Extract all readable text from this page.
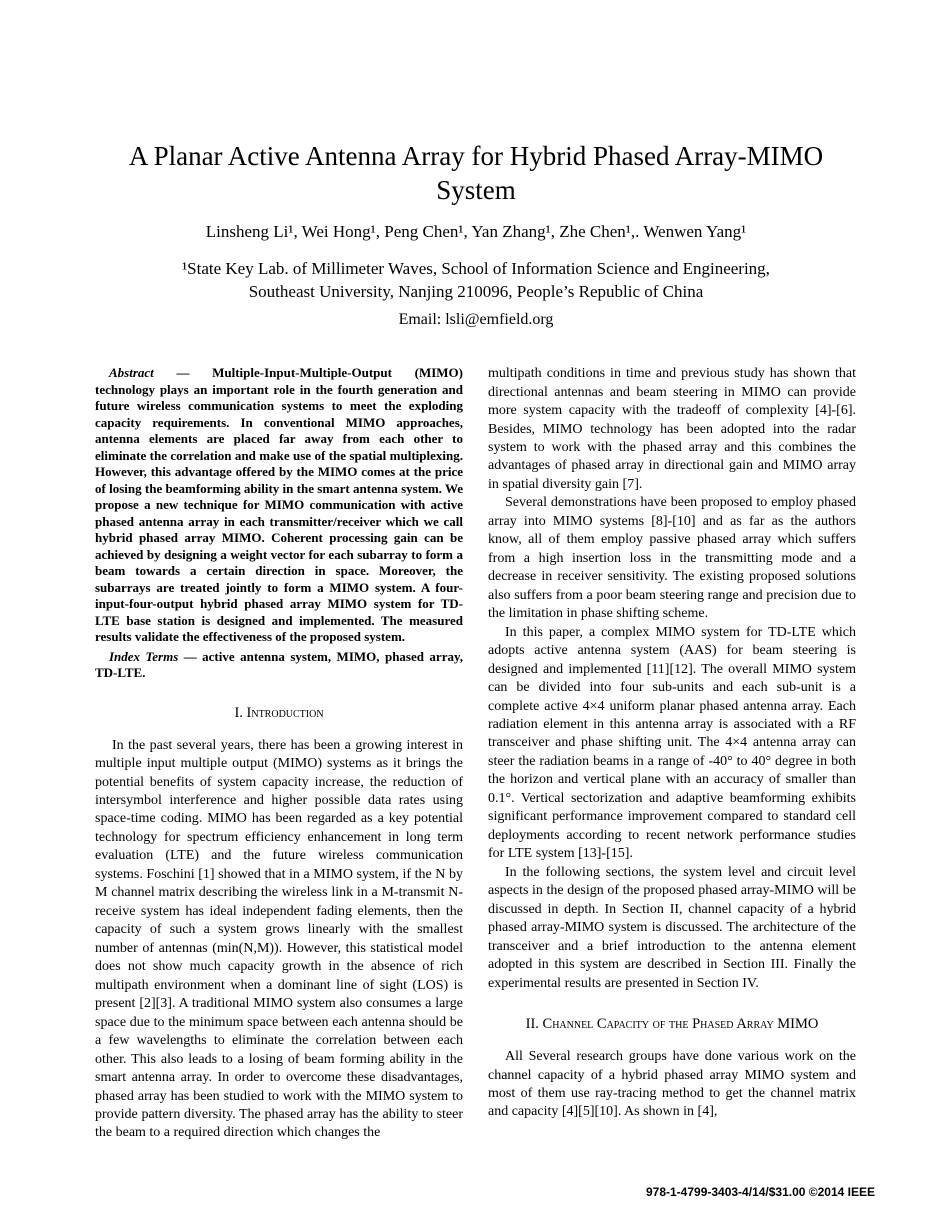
A Planar Active Antenna Array for Hybrid Phased Array-MIMO System
Linsheng Li¹, Wei Hong¹, Peng Chen¹, Yan Zhang¹, Zhe Chen¹,. Wenwen Yang¹
¹State Key Lab. of Millimeter Waves, School of Information Science and Engineering,
Southeast University, Nanjing 210096, People’s Republic of China
Email: lsli@emfield.org

Abstract — Multiple-Input-Multiple-Output (MIMO) technology plays an important role in the fourth generation and future wireless communication systems to meet the exploding capacity requirements. In conventional MIMO approaches, antenna elements are placed far away from each other to eliminate the correlation and make use of the spatial multiplexing. However, this advantage offered by the MIMO comes at the price of losing the beamforming ability in the smart antenna system. We propose a new technique for MIMO communication with active phased antenna array in each transmitter/receiver which we call hybrid phased array MIMO. Coherent processing gain can be achieved by designing a weight vector for each subarray to form a beam towards a certain direction in space. Moreover, the subarrays are treated jointly to form a MIMO system. A four-input-four-output hybrid phased array MIMO system for TD-LTE base station is designed and implemented. The measured results validate the effectiveness of the proposed system.

Index Terms — active antenna system, MIMO, phased array, TD-LTE.

I. Introduction

In the past several years, there has been a growing interest in multiple input multiple output (MIMO) systems as it brings the potential benefits of system capacity increase, the reduction of intersymbol interference and higher possible data rates using space-time coding. MIMO has been regarded as a key potential technology for spectrum efficiency enhancement in long term evaluation (LTE) and the future wireless communication systems. Foschini [1] showed that in a MIMO system, if the N by M channel matrix describing the wireless link in a M-transmit N-receive system has ideal independent fading elements, then the capacity of such a system grows linearly with the smallest number of antennas (min(N,M)). However, this statistical model does not show much capacity growth in the absence of rich multipath environment when a dominant line of sight (LOS) is present [2][3]. A traditional MIMO system also consumes a large space due to the minimum space between each antenna should be a few wavelengths to eliminate the correlation between each other. This also leads to a losing of beam forming ability in the smart antenna array. In order to overcome these disadvantages, phased array has been studied to work with the MIMO system to provide pattern diversity. The phased array has the ability to steer the beam to a required direction which changes the

multipath conditions in time and previous study has shown that directional antennas and beam steering in MIMO can provide more system capacity with the tradeoff of complexity [4]-[6]. Besides, MIMO technology has been adopted into the radar system to work with the phased array and this combines the advantages of phased array in directional gain and MIMO array in spatial diversity gain [7].

Several demonstrations have been proposed to employ phased array into MIMO systems [8]-[10] and as far as the authors know, all of them employ passive phased array which suffers from a high insertion loss in the transmitting mode and a decrease in receiver sensitivity. The existing proposed solutions also suffers from a poor beam steering range and precision due to the limitation in phase shifting scheme.

In this paper, a complex MIMO system for TD-LTE which adopts active antenna system (AAS) for beam steering is designed and implemented [11][12]. The overall MIMO system can be divided into four sub-units and each sub-unit is a complete active 4×4 uniform planar phased antenna array. Each radiation element in this antenna array is associated with a RF transceiver and phase shifting unit. The 4×4 antenna array can steer the radiation beams in a range of -40° to 40° degree in both the horizon and vertical plane with an accuracy of smaller than 0.1°. Vertical sectorization and adaptive beamforming exhibits significant performance improvement compared to standard cell deployments according to recent network performance studies for LTE system [13]-[15].

In the following sections, the system level and circuit level aspects in the design of the proposed phased array-MIMO will be discussed in depth. In Section II, channel capacity of a hybrid phased array-MIMO system is discussed. The architecture of the transceiver and a brief introduction to the antenna element adopted in this system are described in Section III. Finally the experimental results are presented in Section IV.

II. Channel Capacity of the Phased Array MIMO

All Several research groups have done various work on the channel capacity of a hybrid phased array MIMO system and most of them use ray-tracing method to get the channel matrix and capacity [4][5][10]. As shown in [4],

978-1-4799-3403-4/14/$31.00 ©2014 IEEE
